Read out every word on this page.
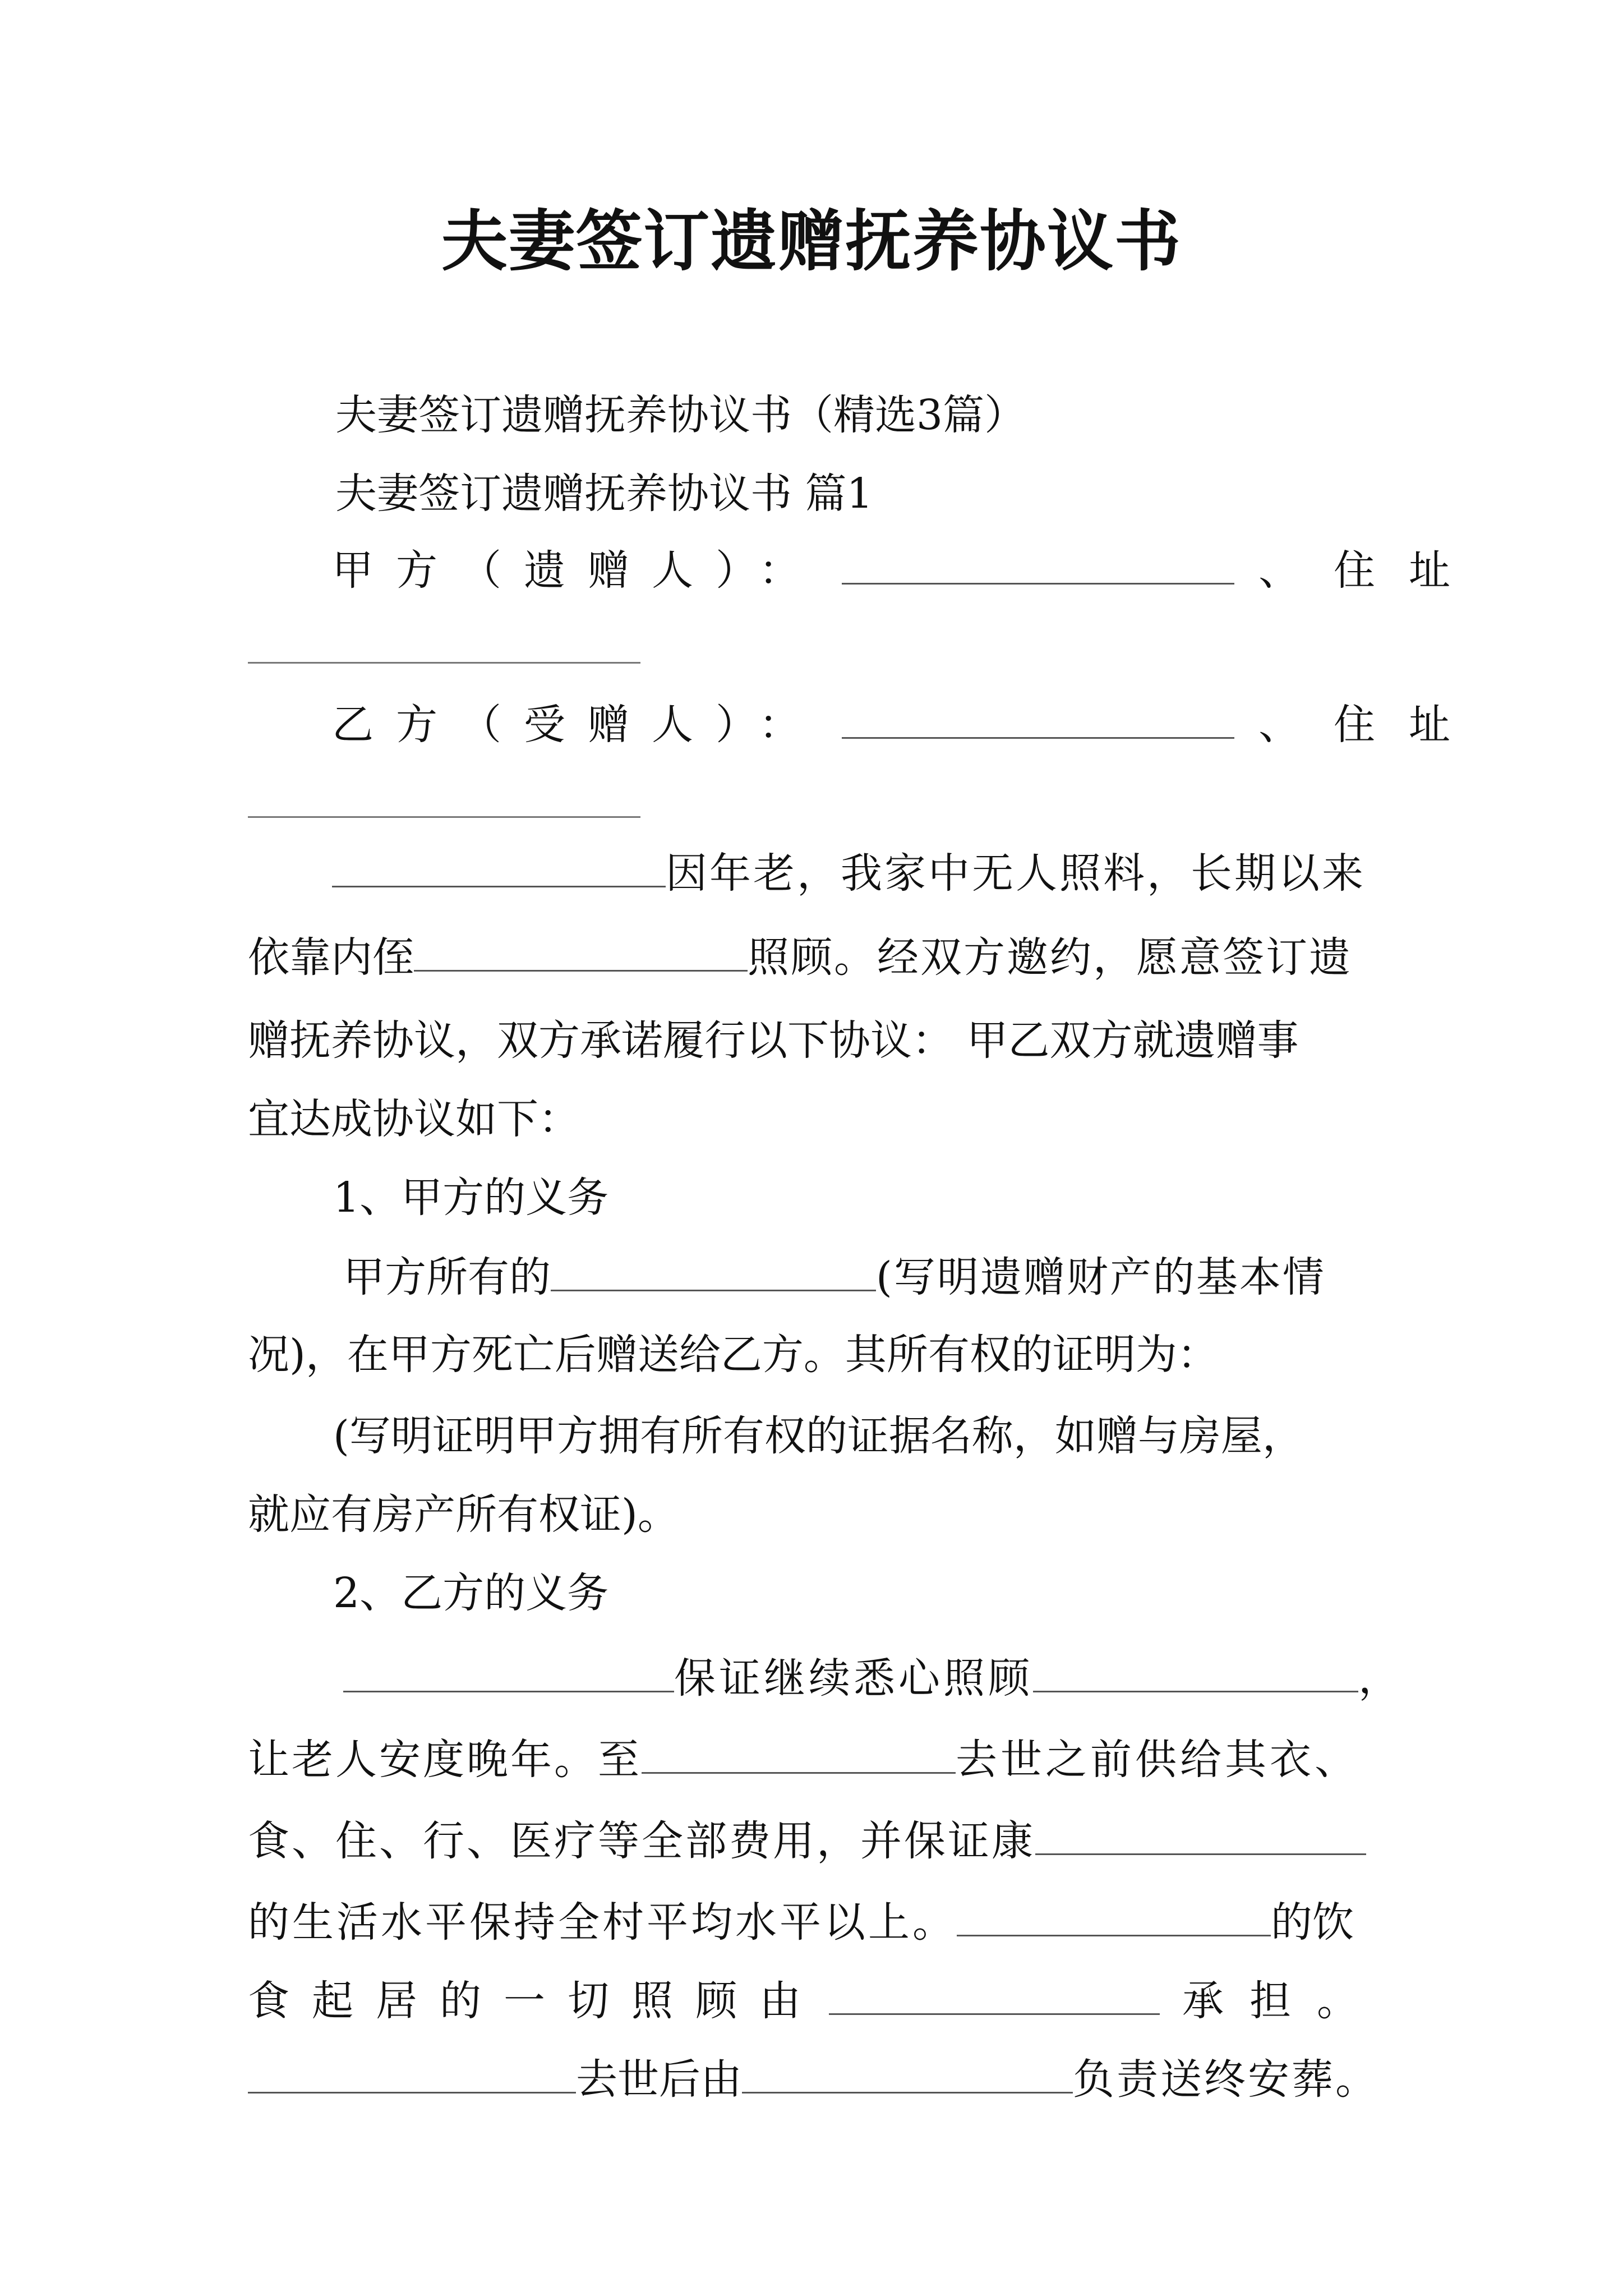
夫妻签订遗赠抚养协议书
夫妻签订遗赠抚养协议书（精选3篇）
夫妻签订遗赠抚养协议书 篇1
甲方（遗赠人）：	、住址
乙方（受赠人）：	、住址
因年老，我家中无人照料，长期以来
依靠内侄	照顾。经双方邀约，愿意签订遗
赠抚养协议，双方承诺履行以下协议： 甲乙双方就遗赠事
宜达成协议如下：
1、甲方的义务
甲方所有的	(写明遗赠财产的基本情
况)，在甲方死亡后赠送给乙方。其所有权的证明为：
(写明证明甲方拥有所有权的证据名称，如赠与房屋，
就应有房产所有权证)。
2、乙方的义务
保证继续悉心照顾	，
让老人安度晚年。至	去世之前供给其衣、
食、住、行、医疗等全部费用，并保证康
的生活水平保持全村平均水平以上。	的饮
食起居的一切照顾由	承担。
去世后由	负责送终安葬。
